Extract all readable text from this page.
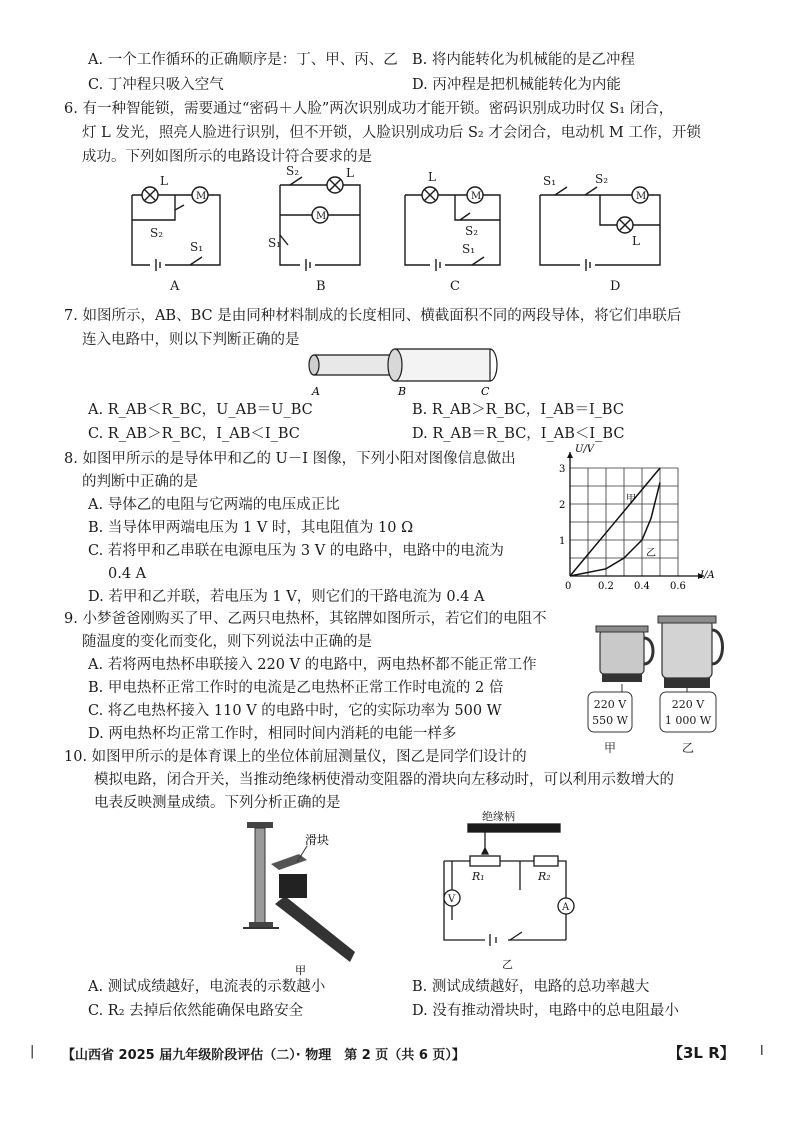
A. 一个工作循环的正确顺序是：丁、甲、丙、乙 B. 将内能转化为机械能的是乙冲程
C. 丁冲程只吸入空气	D. 丙冲程是把机械能转化为内能
6. 有一种智能锁，需要通过“密码＋人脸”两次识别成功才能开锁。密码识别成功时仅 S₁ 闭合，
灯 L 发光，照亮人脸进行识别，但不开锁，人脸识别成功后 S₂ 才会闭合，电动机 M 工作，开锁
成功。下列如图所示的电路设计符合要求的是
L
M
S₂
S₁
A
S₂	L
M
S₁
B
L
M
S₂
S₁
C
S₁	S₂
M
L
D
7. 如图所示，AB、BC 是由同种材料制成的长度相同、横截面积不同的两段导体，将它们串联后
连入电路中，则以下判断正确的是
A	B	C
A. R_AB＜R_BC，U_AB＝U_BC	B. R_AB＞R_BC，I_AB＝I_BC
C. R_AB＞R_BC，I_AB＜I_BC	D. R_AB＝R_BC，I_AB＜I_BC
8. 如图甲所示的是导体甲和乙的 U－I 图像，下列小阳对图像信息做出
的判断中正确的是
A. 导体乙的电阻与它两端的电压成正比
B. 当导体甲两端电压为 1 V 时，其电阻值为 10 Ω
C. 若将甲和乙串联在电源电压为 3 V 的电路中，电路中的电流为
0.4 A
D. 若甲和乙并联，若电压为 1 V，则它们的干路电流为 0.4 A
0	0.2 0.4 0.6
1
2
3
I/A
U/V
甲
乙
9. 小梦爸爸刚购买了甲、乙两只电热杯，其铭牌如图所示，若它们的电阻不
随温度的变化而变化，则下列说法中正确的是
A. 若将两电热杯串联接入 220 V 的电路中，两电热杯都不能正常工作
B. 甲电热杯正常工作时的电流是乙电热杯正常工作时电流的 2 倍
C. 将乙电热杯接入 110 V 的电路中时，它的实际功率为 500 W
D. 两电热杯均正常工作时，相同时间内消耗的电能一样多
220 V
550 W
220 V
1 000 W
甲	乙
10. 如图甲所示的是体育课上的坐位体前屈测量仪，图乙是同学们设计的
模拟电路，闭合开关，当推动绝缘柄使滑动变阻器的滑块向左移动时，可以利用示数增大的
电表反映测量成绩。下列分析正确的是
滑块
甲
绝缘柄
R₁	R₂
V
A
乙
A. 测试成绩越好，电流表的示数越小	B. 测试成绩越好，电路的总功率越大
C. R₂ 去掉后依然能确保电路安全	D. 没有推动滑块时，电路中的总电阻最小
| 【山西省 2025 届九年级阶段评估（二）· 物理　第 2 页（共 6 页）】	【3L R】 l
